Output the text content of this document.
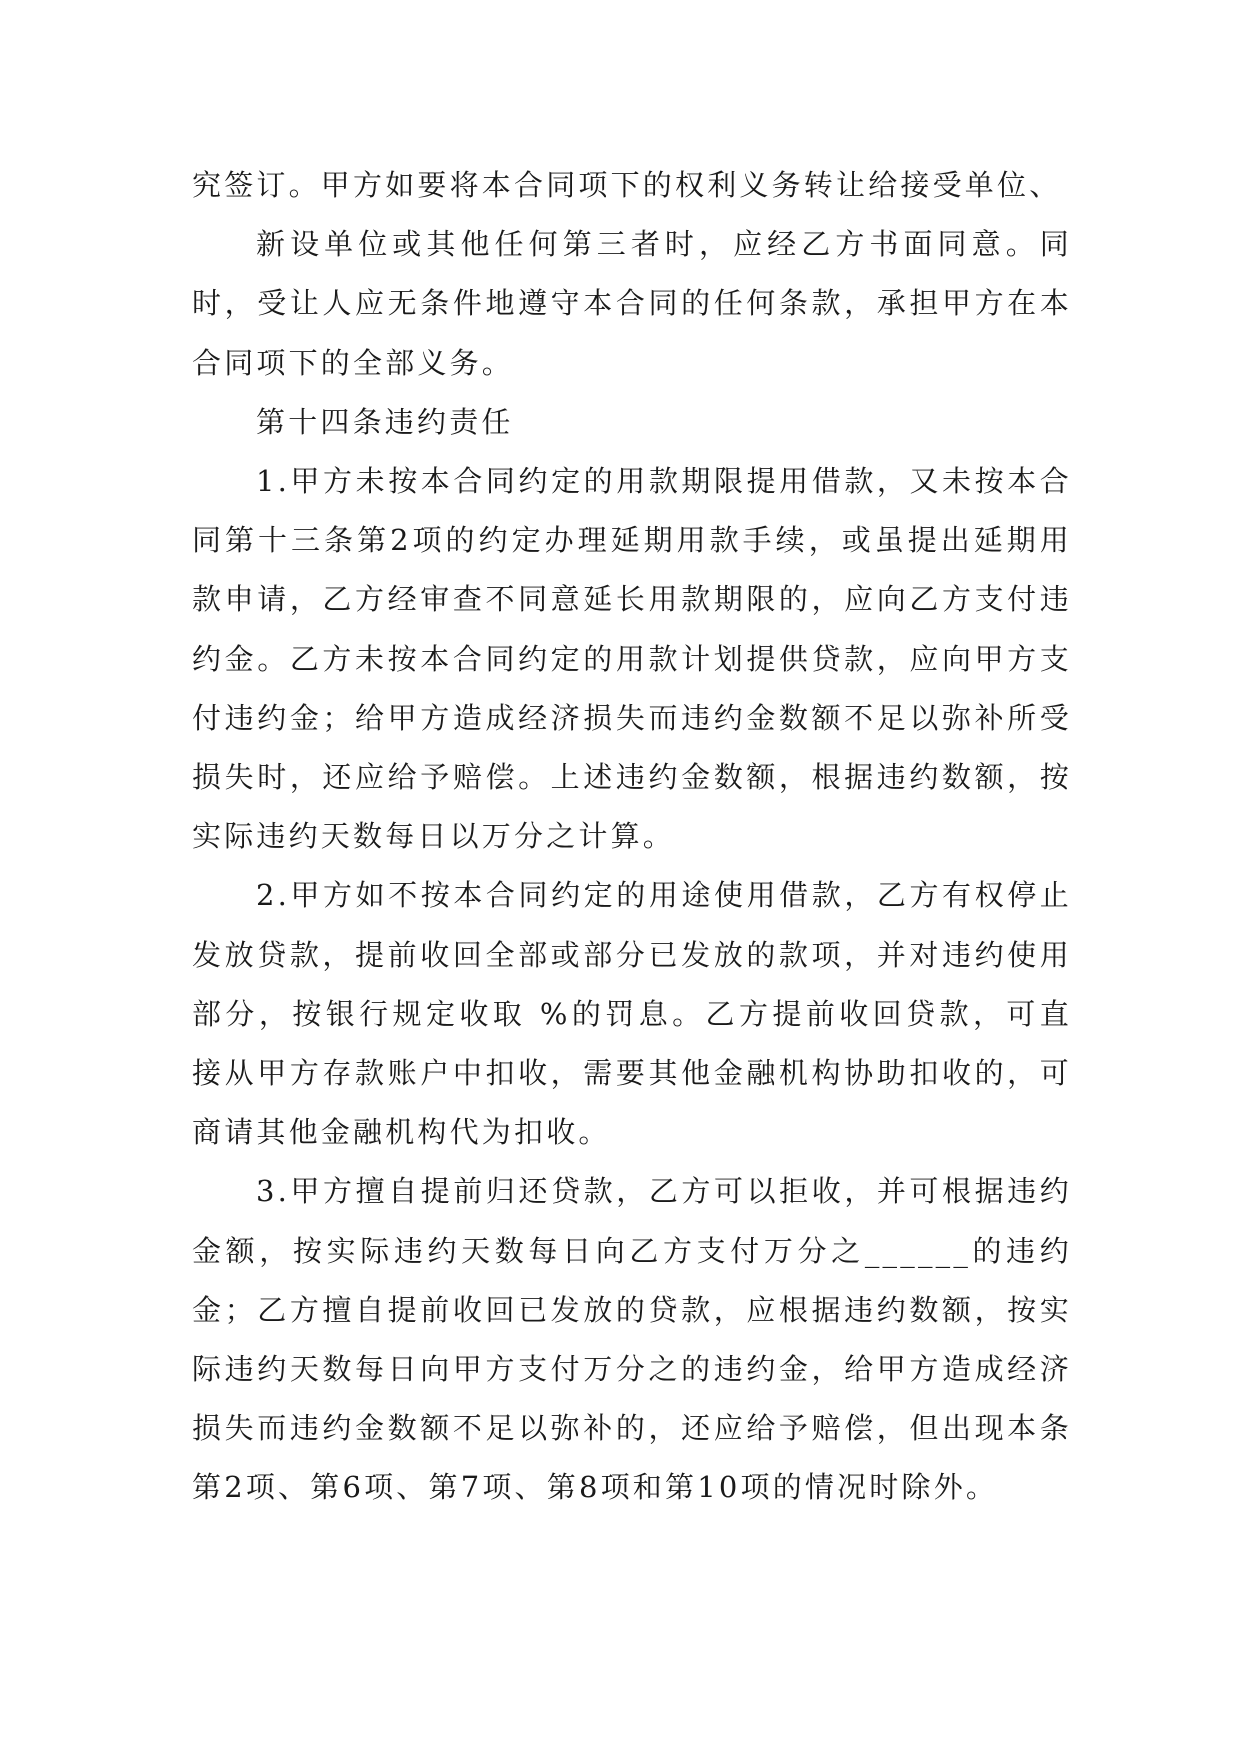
究签订。甲方如要将本合同项下的权利义务转让给接受单位、

新设单位或其他任何第三者时，应经乙方书面同意。同时，受让人应无条件地遵守本合同的任何条款，承担甲方在本合同项下的全部义务。

第十四条违约责任

1.甲方未按本合同约定的用款期限提用借款，又未按本合同第十三条第2项的约定办理延期用款手续，或虽提出延期用款申请，乙方经审查不同意延长用款期限的，应向乙方支付违约金。乙方未按本合同约定的用款计划提供贷款，应向甲方支付违约金；给甲方造成经济损失而违约金数额不足以弥补所受损失时，还应给予赔偿。上述违约金数额，根据违约数额，按实际违约天数每日以万分之计算。

2.甲方如不按本合同约定的用途使用借款，乙方有权停止发放贷款，提前收回全部或部分已发放的款项，并对违约使用部分，按银行规定收取 %的罚息。乙方提前收回贷款，可直接从甲方存款账户中扣收，需要其他金融机构协助扣收的，可商请其他金融机构代为扣收。

3.甲方擅自提前归还贷款，乙方可以拒收，并可根据违约金额，按实际违约天数每日向乙方支付万分之______的违约金；乙方擅自提前收回已发放的贷款，应根据违约数额，按实际违约天数每日向甲方支付万分之的违约金，给甲方造成经济损失而违约金数额不足以弥补的，还应给予赔偿，但出现本条第2项、第6项、第7项、第8项和第10项的情况时除外。
